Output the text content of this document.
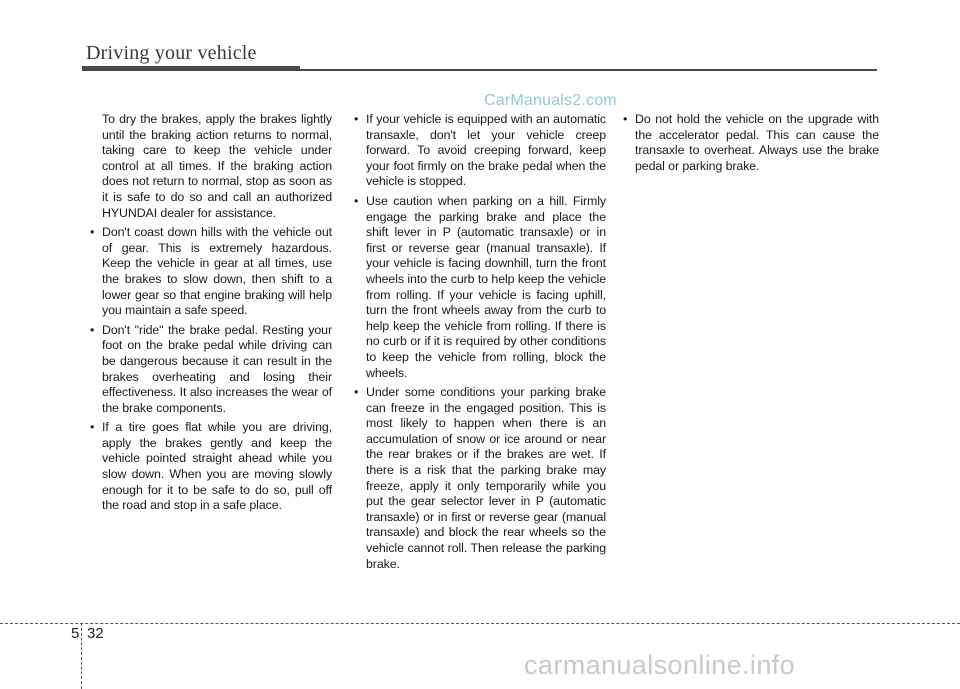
Driving your vehicle
CarManuals2.com

To dry the brakes, apply the brakes lightly until the braking action returns to normal, taking care to keep the vehicle under control at all times. If the braking action does not return to normal, stop as soon as it is safe to do so and call an authorized HYUNDAI dealer for assistance.

• Don't coast down hills with the vehicle out of gear. This is extremely hazardous. Keep the vehicle in gear at all times, use the brakes to slow down, then shift to a lower gear so that engine braking will help you maintain a safe speed.

• Don't "ride" the brake pedal. Resting your foot on the brake pedal while driving can be dangerous because it can result in the brakes overheating and losing their effectiveness. It also increases the wear of the brake components.

• If a tire goes flat while you are driving, apply the brakes gently and keep the vehicle pointed straight ahead while you slow down. When you are moving slowly enough for it to be safe to do so, pull off the road and stop in a safe place.

• If your vehicle is equipped with an automatic transaxle, don't let your vehicle creep forward. To avoid creeping forward, keep your foot firmly on the brake pedal when the vehicle is stopped.

• Use caution when parking on a hill. Firmly engage the parking brake and place the shift lever in P (automatic transaxle) or in first or reverse gear (manual transaxle). If your vehicle is facing downhill, turn the front wheels into the curb to help keep the vehicle from rolling. If your vehicle is facing uphill, turn the front wheels away from the curb to help keep the vehicle from rolling. If there is no curb or if it is required by other conditions to keep the vehicle from rolling, block the wheels.

• Under some conditions your parking brake can freeze in the engaged position. This is most likely to happen when there is an accumulation of snow or ice around or near the rear brakes or if the brakes are wet. If there is a risk that the parking brake may freeze, apply it only temporarily while you put the gear selector lever in P (automatic transaxle) or in first or reverse gear (manual transaxle) and block the rear wheels so the vehicle cannot roll. Then release the parking brake.

• Do not hold the vehicle on the upgrade with the accelerator pedal. This can cause the transaxle to overheat. Always use the brake pedal or parking brake.

5 32
carmanualsonline.info
